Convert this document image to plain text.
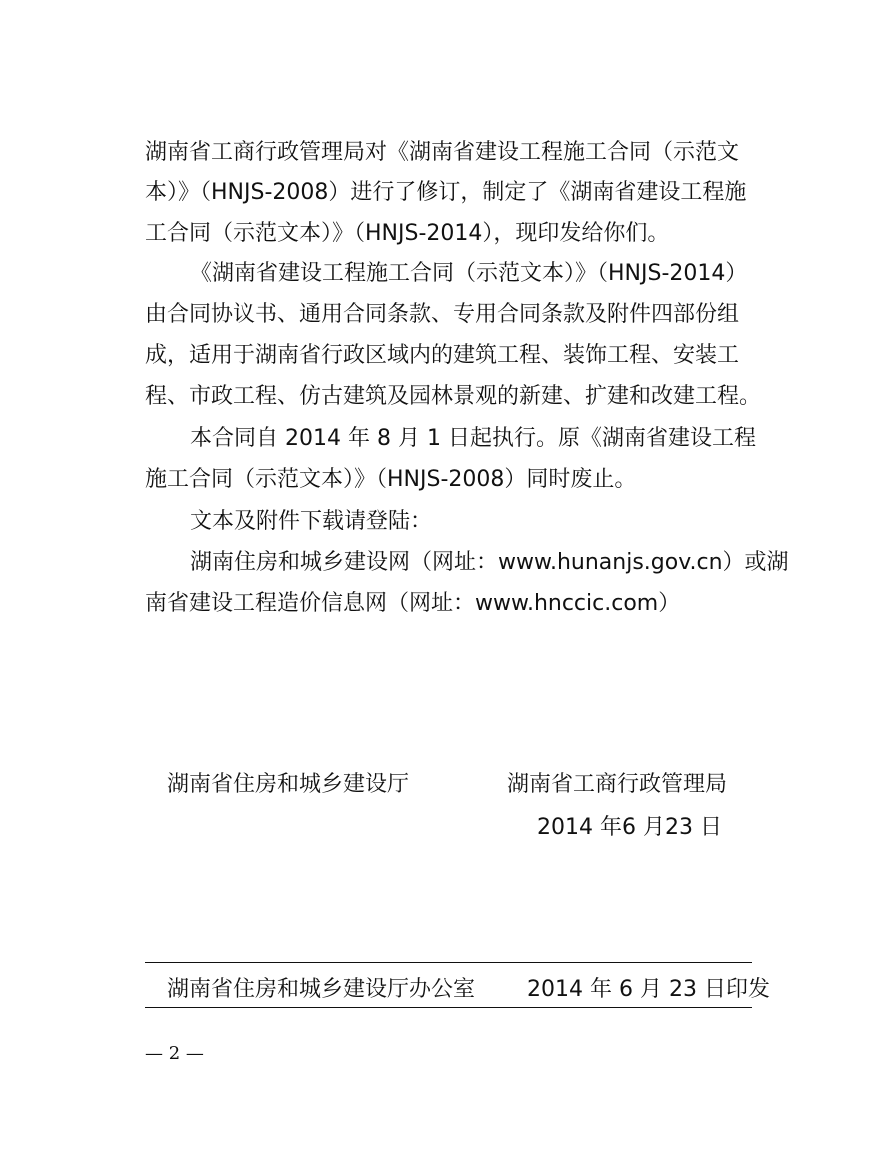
湖南省工商行政管理局对《湖南省建设工程施工合同（示范文
本）》（HNJS-2008）进行了修订，制定了《湖南省建设工程施
工合同（示范文本）》（HNJS-2014），现印发给你们。
《湖南省建设工程施工合同（示范文本）》（HNJS-2014）
由合同协议书、通用合同条款、专用合同条款及附件四部份组
成，适用于湖南省行政区域内的建筑工程、装饰工程、安装工
程、市政工程、仿古建筑及园林景观的新建、扩建和改建工程。
本合同自 2014 年 8 月 1 日起执行。原《湖南省建设工程
施工合同（示范文本）》（HNJS-2008）同时废止。
文本及附件下载请登陆：
湖南住房和城乡建设网（网址：www.hunanjs.gov.cn）或湖
南省建设工程造价信息网（网址：www.hnccic.com）
湖南省住房和城乡建设厅	湖南省工商行政管理局
2014 年6 月23 日
湖南省住房和城乡建设厅办公室 2014 年 6 月 23 日印发
— 2 —
